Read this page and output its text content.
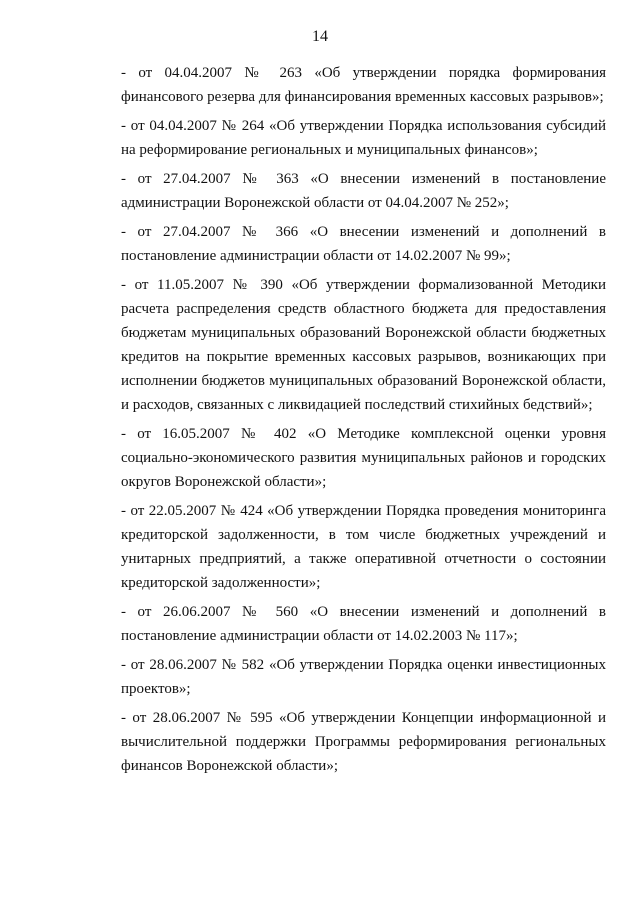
14

- от 04.04.2007 № 263 «Об утверждении порядка формирования финансового резерва для финансирования временных кассовых разрывов»;

- от 04.04.2007 № 264 «Об утверждении Порядка использования субсидий на реформирование региональных и муниципальных финансов»;

- от 27.04.2007 № 363 «О внесении изменений в постановление администрации Воронежской области от 04.04.2007 № 252»;

- от 27.04.2007 № 366 «О внесении изменений и дополнений в постановление администрации области от 14.02.2007 № 99»;

- от 11.05.2007 № 390 «Об утверждении формализованной Методики расчета распределения средств областного бюджета для предоставления бюджетам муниципальных образований Воронежской области бюджетных кредитов на покрытие временных кассовых разрывов, возникающих при исполнении бюджетов муниципальных образований Воронежской области, и расходов, связанных с ликвидацией последствий стихийных бедствий»;

- от 16.05.2007 № 402 «О Методике комплексной оценки уровня социально-экономического развития муниципальных районов и городских округов Воронежской области»;

- от 22.05.2007 № 424 «Об утверждении Порядка проведения мониторинга кредиторской задолженности, в том числе бюджетных учреждений и унитарных предприятий, а также оперативной отчетности о состоянии кредиторской задолженности»;

- от 26.06.2007 № 560 «О внесении изменений и дополнений в постановление администрации области от 14.02.2003 № 117»;

- от 28.06.2007 № 582 «Об утверждении Порядка оценки инвестиционных проектов»;

- от 28.06.2007 № 595 «Об утверждении Концепции информационной и вычислительной поддержки Программы реформирования региональных финансов Воронежской области»;
